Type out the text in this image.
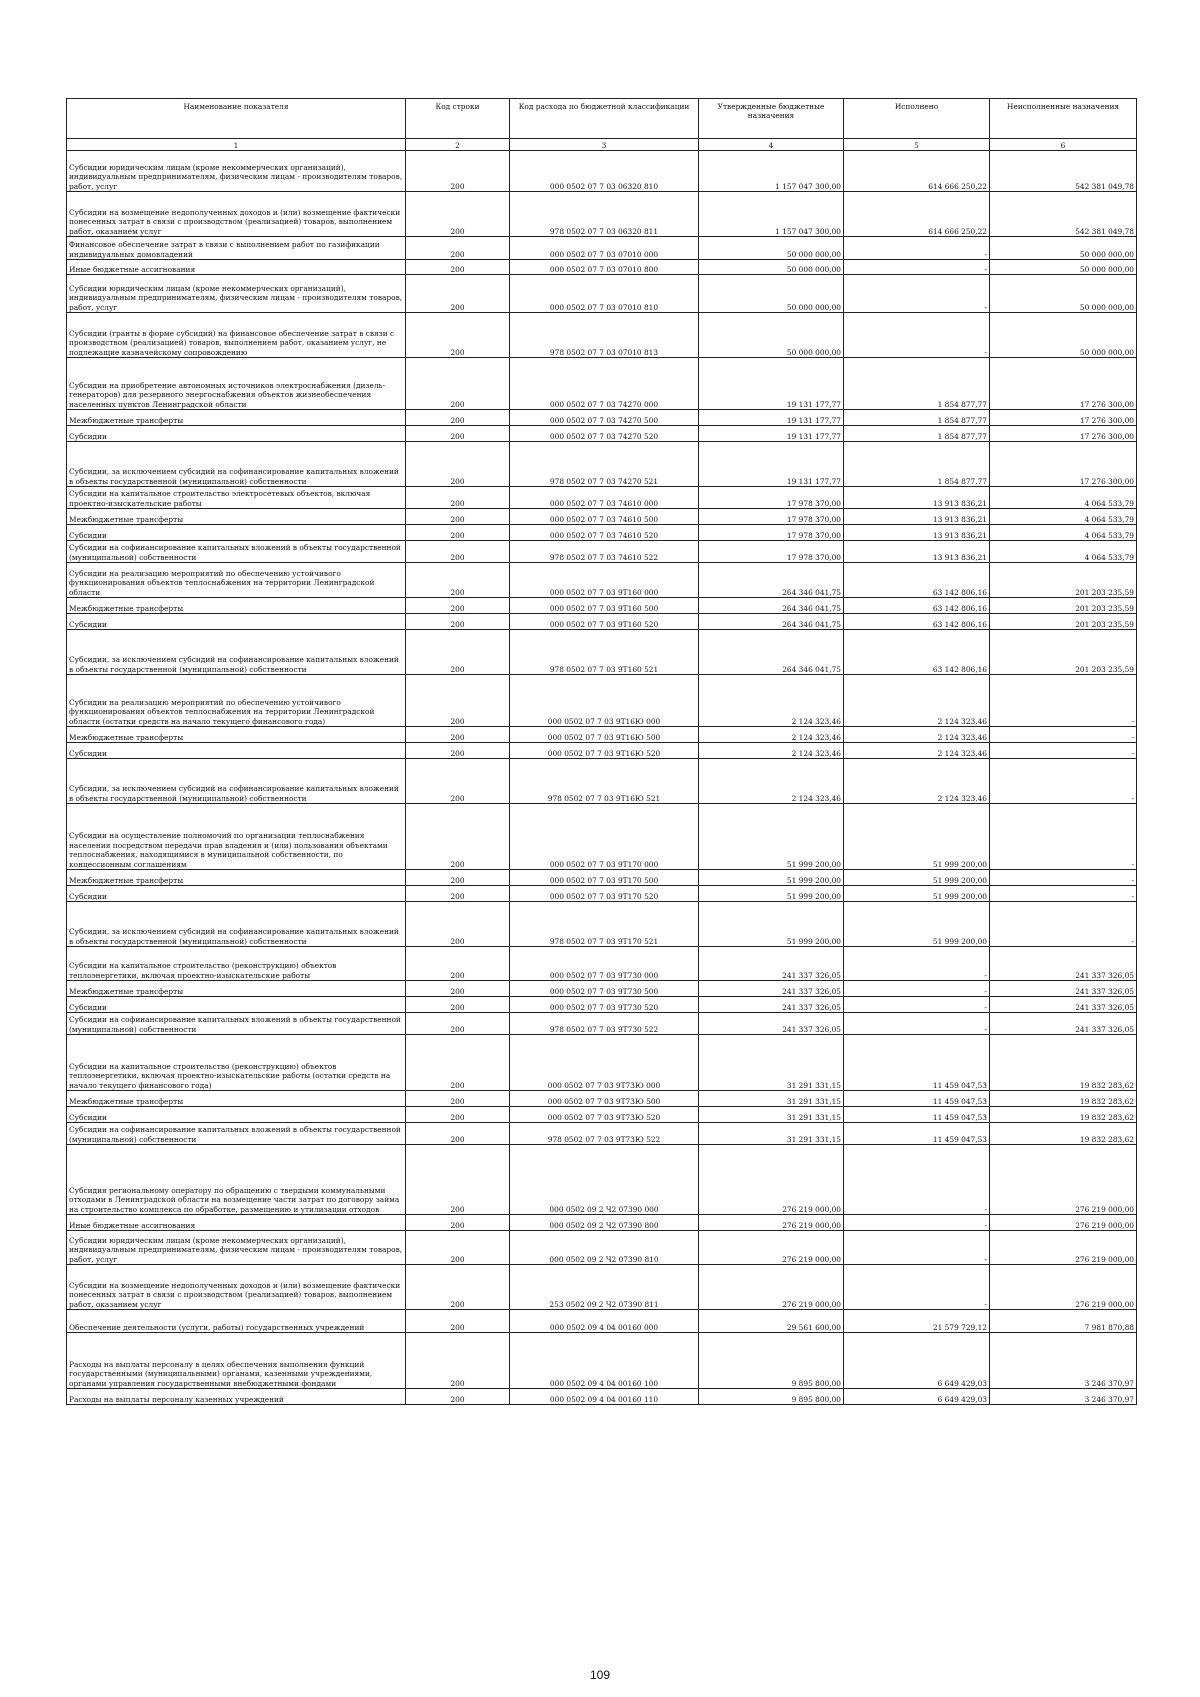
Наименование показателя	Код строки	Код расхода по бюджетной классификации	Утвержденные бюджетные назначения	Исполнено	Неисполненные назначения
1	2	3	4	5	6
Субсидии юридическим лицам (кроме некоммерческих организаций), индивидуальным предпринимателям, физическим лицам - производителям товаров, работ, услуг	200	000 0502 07 7 03 06320 810	1 157 047 300,00	614 666 250,22	542 381 049,78
Субсидии на возмещение недополученных доходов и (или) возмещение фактически понесенных затрат в связи с производством (реализацией) товаров, выполнением работ, оказанием услуг	200	978 0502 07 7 03 06320 811	1 157 047 300,00	614 666 250,22	542 381 049,78
Финансовое обеспечение затрат в связи с выполнением работ по газификации индивидуальных домовладений	200	000 0502 07 7 03 07010 000	50 000 000,00	-	50 000 000,00
Иные бюджетные ассигнования	200	000 0502 07 7 03 07010 800	50 000 000,00	-	50 000 000,00
Субсидии юридическим лицам (кроме некоммерческих организаций), индивидуальным предпринимателям, физическим лицам - производителям товаров, работ, услуг	200	000 0502 07 7 03 07010 810	50 000 000,00	-	50 000 000,00
Субсидии (гранты в форме субсидий) на финансовое обеспечение затрат в связи с производством (реализацией) товаров, выполнением работ, оказанием услуг, не подлежащие казначейскому сопровождению	200	978 0502 07 7 03 07010 813	50 000 000,00	-	50 000 000,00
Субсидии на приобретение автономных источников электроснабжения (дизель-генераторов) для резервного энергоснабжения объектов жизнеобеспечения населенных пунктов Ленинградской области	200	000 0502 07 7 03 74270 000	19 131 177,77	1 854 877,77	17 276 300,00
Межбюджетные трансферты	200	000 0502 07 7 03 74270 500	19 131 177,77	1 854 877,77	17 276 300,00
Субсидии	200	000 0502 07 7 03 74270 520	19 131 177,77	1 854 877,77	17 276 300,00
Субсидии, за исключением субсидий на софинансирование капитальных вложений в объекты государственной (муниципальной) собственности	200	978 0502 07 7 03 74270 521	19 131 177,77	1 854 877,77	17 276 300,00
Субсидии на капитальное строительство электросетевых объектов, включая проектно-изыскательские работы	200	000 0502 07 7 03 74610 000	17 978 370,00	13 913 836,21	4 064 533,79
Межбюджетные трансферты	200	000 0502 07 7 03 74610 500	17 978 370,00	13 913 836,21	4 064 533,79
Субсидии	200	000 0502 07 7 03 74610 520	17 978 370,00	13 913 836,21	4 064 533,79
Субсидии на софинансирование капитальных вложений в объекты государственной (муниципальной) собственности	200	978 0502 07 7 03 74610 522	17 978 370,00	13 913 836,21	4 064 533,79
Субсидии на реализацию мероприятий по обеспечению устойчивого функционирования объектов теплоснабжения на территории Ленинградской области	200	000 0502 07 7 03 9Т160 000	264 346 041,75	63 142 806,16	201 203 235,59
Межбюджетные трансферты	200	000 0502 07 7 03 9Т160 500	264 346 041,75	63 142 806,16	201 203 235,59
Субсидии	200	000 0502 07 7 03 9Т160 520	264 346 041,75	63 142 806,16	201 203 235,59
Субсидии, за исключением субсидий на софинансирование капитальных вложений в объекты государственной (муниципальной) собственности	200	978 0502 07 7 03 9Т160 521	264 346 041,75	63 142 806,16	201 203 235,59
Субсидии на реализацию мероприятий по обеспечению устойчивого функционирования объектов теплоснабжения на территории Ленинградской области (остатки средств на начало текущего финансового года)	200	000 0502 07 7 03 9Т16Ю 000	2 124 323,46	2 124 323,46	-
Межбюджетные трансферты	200	000 0502 07 7 03 9Т16Ю 500	2 124 323,46	2 124 323,46	-
Субсидии	200	000 0502 07 7 03 9Т16Ю 520	2 124 323,46	2 124 323,46	-
Субсидии, за исключением субсидий на софинансирование капитальных вложений в объекты государственной (муниципальной) собственности	200	978 0502 07 7 03 9Т16Ю 521	2 124 323,46	2 124 323,46	-
Субсидии на осуществление полномочий по организации теплоснабжения населения посредством передачи прав владения и (или) пользования объектами теплоснабжения, находящимися в муниципальной собственности, по концессионным соглашениям	200	000 0502 07 7 03 9Т170 000	51 999 200,00	51 999 200,00	-
Межбюджетные трансферты	200	000 0502 07 7 03 9Т170 500	51 999 200,00	51 999 200,00	-
Субсидии	200	000 0502 07 7 03 9Т170 520	51 999 200,00	51 999 200,00	-
Субсидии, за исключением субсидий на софинансирование капитальных вложений в объекты государственной (муниципальной) собственности	200	978 0502 07 7 03 9Т170 521	51 999 200,00	51 999 200,00	-
Субсидии на капитальное строительство (реконструкцию) объектов теплоэнергетики, включая проектно-изыскательские работы	200	000 0502 07 7 03 9Т730 000	241 337 326,05	-	241 337 326,05
Межбюджетные трансферты	200	000 0502 07 7 03 9Т730 500	241 337 326,05	-	241 337 326,05
Субсидии	200	000 0502 07 7 03 9Т730 520	241 337 326,05	-	241 337 326,05
Субсидии на софинансирование капитальных вложений в объекты государственной (муниципальной) собственности	200	978 0502 07 7 03 9Т730 522	241 337 326,05	-	241 337 326,05
Субсидии на капитальное строительство (реконструкцию) объектов теплоэнергетики, включая проектно-изыскательские работы (остатки средств на начало текущего финансового года)	200	000 0502 07 7 03 9Т73Ю 000	31 291 331,15	11 459 047,53	19 832 283,62
Межбюджетные трансферты	200	000 0502 07 7 03 9Т73Ю 500	31 291 331,15	11 459 047,53	19 832 283,62
Субсидии	200	000 0502 07 7 03 9Т73Ю 520	31 291 331,15	11 459 047,53	19 832 283,62
Субсидии на софинансирование капитальных вложений в объекты государственной (муниципальной) собственности	200	978 0502 07 7 03 9Т73Ю 522	31 291 331,15	11 459 047,53	19 832 283,62
Субсидия региональному оператору по обращению с твердыми коммунальными отходами в Ленинградской области на возмещение части затрат по договору займа на строительство комплекса по обработке, размещению и утилизации отходов	200	000 0502 09 2 Ч2 07390 000	276 219 000,00	-	276 219 000,00
Иные бюджетные ассигнования	200	000 0502 09 2 Ч2 07390 800	276 219 000,00	-	276 219 000,00
Субсидии юридическим лицам (кроме некоммерческих организаций), индивидуальным предпринимателям, физическим лицам - производителям товаров, работ, услуг	200	000 0502 09 2 Ч2 07390 810	276 219 000,00	-	276 219 000,00
Субсидии на возмещение недополученных доходов и (или) возмещение фактически понесенных затрат в связи с производством (реализацией) товаров, выполнением работ, оказанием услуг	200	253 0502 09 2 Ч2 07390 811	276 219 000,00	-	276 219 000,00
Обеспечение деятельности (услуги, работы) государственных учреждений	200	000 0502 09 4 04 00160 000	29 561 600,00	21 579 729,12	7 981 870,88
Расходы на выплаты персоналу в целях обеспечения выполнения функций государственными (муниципальными) органами, казенными учреждениями, органами управления государственными внебюджетными фондами	200	000 0502 09 4 04 00160 100	9 895 800,00	6 649 429,03	3 246 370,97
Расходы на выплаты персоналу казенных учреждений	200	000 0502 09 4 04 00160 110	9 895 800,00	6 649 429,03	3 246 370,97
109
